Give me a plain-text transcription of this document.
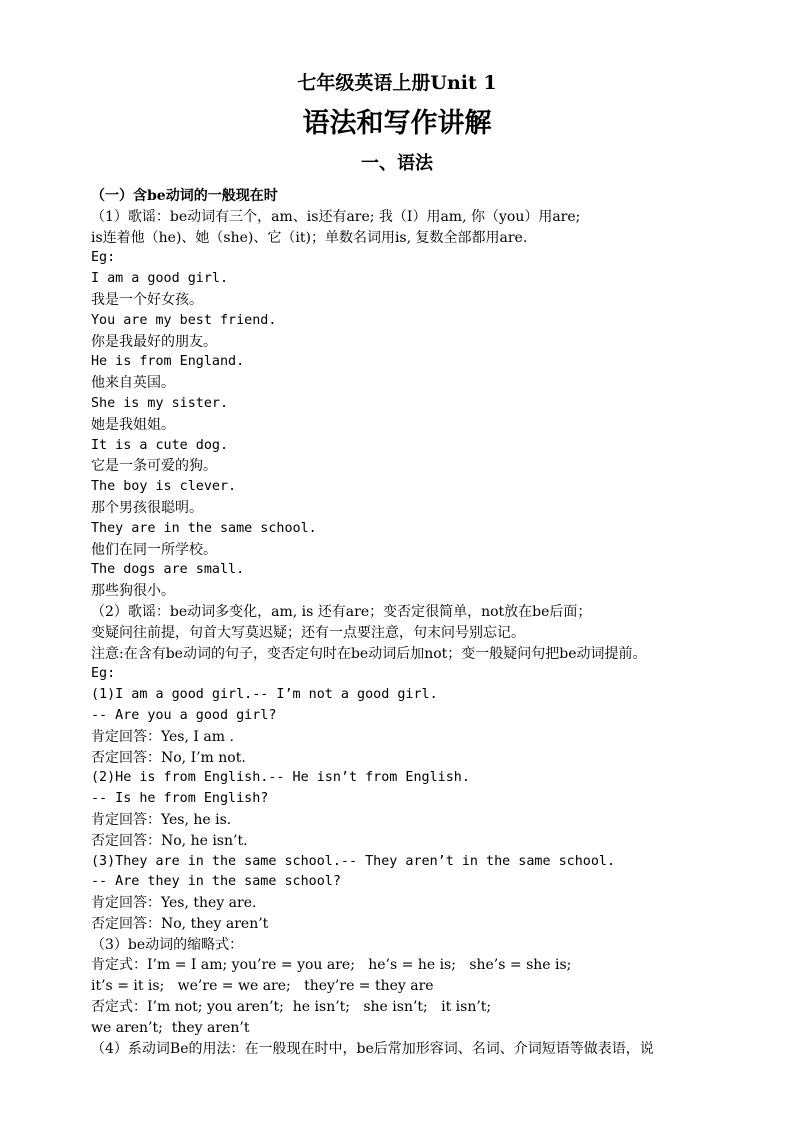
七年级英语上册Unit 1
语法和写作讲解
一、语法
（一）含be动词的一般现在时
（1）歌谣：be动词有三个，am、is还有are; 我（I）用am, 你（you）用are;
is连着他（he)、她（she)、它（it)；单数名词用is, 复数全部都用are.
Eg:
I am a good girl.
我是一个好女孩。
You are my best friend.
你是我最好的朋友。
He is from England.
他来自英国。
She is my sister.
她是我姐姐。
It is a cute dog.
它是一条可爱的狗。
The boy is clever.
那个男孩很聪明。
They are in the same school.
他们在同一所学校。
The dogs are small.
那些狗很小。
（2）歌谣：be动词多变化，am, is 还有are；变否定很简单，not放在be后面；
变疑问往前提，句首大写莫迟疑；还有一点要注意，句末问号别忘记。
注意:在含有be动词的句子，变否定句时在be动词后加not；变一般疑问句把be动词提前。
Eg:
(1)I am a good girl.-- I’m not a good girl.
-- Are you a good girl?
肯定回答：Yes, I am .
否定回答：No, I’m not.
(2)He is from English.-- He isn’t from English.
-- Is he from English?
肯定回答：Yes, he is.
否定回答：No, he isn’t.
(3)They are in the same school.-- They aren’t in the same school.
-- Are they in the same school?
肯定回答：Yes, they are.
否定回答：No, they aren’t
（3）be动词的缩略式：
肯定式：I’m = I am; you’re = you are;   he’s = he is;   she’s = she is;
it’s = it is;   we’re = we are;   they’re = they are
否定式：I’m not; you aren’t;  he isn’t;   she isn’t;   it isn’t;
we aren’t;  they aren’t
（4）系动词Be的用法：在一般现在时中，be后常加形容词、名词、介词短语等做表语，说
